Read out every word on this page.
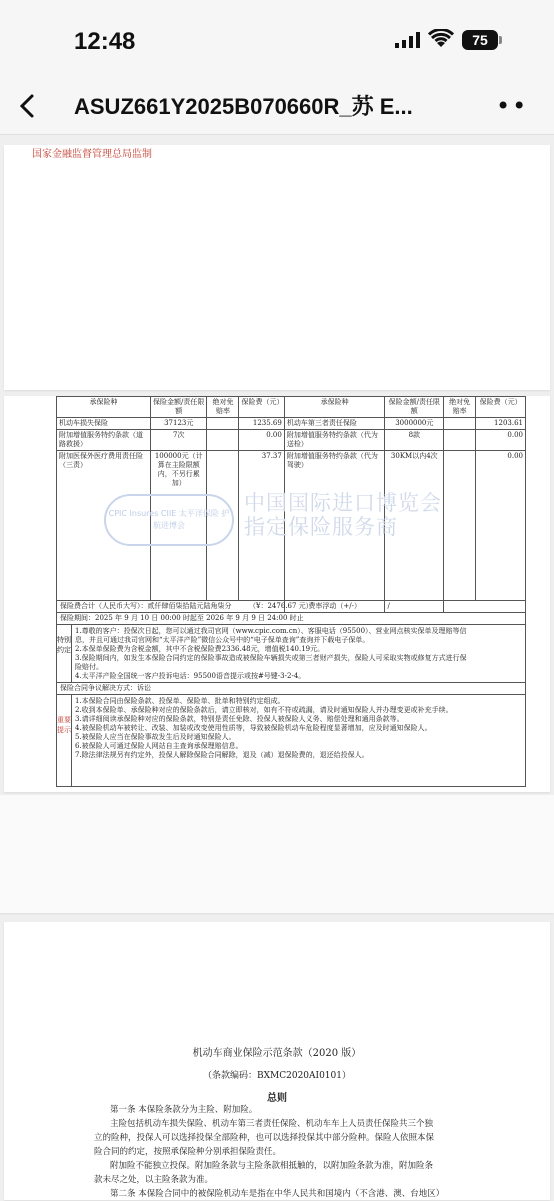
12:48	75
ASUZ661Y2025B070660R_苏 E...	••
国家金融监督管理总局监制
承保险种	保险金额/责任限额	绝对免赔率	保险费（元）	承保险种	保险金额/责任限额	绝对免赔率	保险费（元）
机动车损失保险	37123元		1235.69	机动车第三者责任保险	3000000元		1203.61
附加增值服务特约条款（道路救援）	7次		0.00	附加增值服务特约条款（代为送检）	8款		0.00
附加医保外医疗费用责任险（三责）	100000元（计算在主险限额内，不另行累加）		37.37	附加增值服务特约条款（代为驾驶）	30KM以内4次		0.00
				费率浮动（+/-）	/		
CPIC Insures CIIE 太平洋保险 护航进博会
中国国际进口博览会
指定保险服务商
保险费合计（人民币大写）：贰仟肆佰柒拾陆元陆角柒分　　　（¥：2476.67 元）
保险期间：2025 年 9 月 10 日 00:00 时起至 2026 年 9 月 9 日 24:00 时止
特别约定
1.尊敬的客户：投保次日起，您可以通过我司官网（www.cpic.com.cn）、客服电话（95500）、营业网点核实保单及理赔等信
息，并且可通过我司官网和“太平洋产险”微信公众号中的“电子保单查询”查询并下载电子保单。
2.本保单保险费为含税金额，其中不含税保险费2336.48元，增值税140.19元。
3.保险期间内，如发生本保险合同约定的保险事故造成被保险车辆损失或第三者财产损失，保险人可采取实物或修复方式进行保
险赔付。
4.太平洋产险全国统一客户投诉电话：95500语音提示或按#号键-3-2-4。
保险合同争议解决方式：诉讼
重要提示
1.本保险合同由保险条款、投保单、保险单、批单和特别约定组成。
2.收到本保险单、承保险种对应的保险条款后，请立即核对，如有不符或疏漏，请及时通知保险人并办理变更或补充手续。
3.请详细阅读承保险种对应的保险条款，特别是责任免除、投保人被保险人义务、赔偿处理和通用条款等。
4.被保险机动车被转让、改装、加装或改变使用性质等，导致被保险机动车危险程度显著增加，应及时通知保险人。
5.被保险人应当在保险事故发生后及时通知保险人。
6.被保险人可通过保险人网站自主查询承保理赔信息。
7.除法律法规另有约定外，投保人解除保险合同解除，退及（减）退保险费的，退还给投保人。
机动车商业保险示范条款（2020 版）
（条款编码：BXMC2020AI0101）
总则

第一条 本保险条款分为主险、附加险。

主险包括机动车损失保险、机动车第三者责任保险、机动车车上人员责任保险共三个独

立的险种，投保人可以选择投保全部险种，也可以选择投保其中部分险种。保险人依照本保

险合同的约定，按照承保险种分别承担保险责任。

附加险不能独立投保。附加险条款与主险条款相抵触的，以附加险条款为准，附加险条

款未尽之处，以主险条款为准。

第二条 本保险合同中的被保险机动车是指在中华人民共和国境内（不含港、澳、台地区）
